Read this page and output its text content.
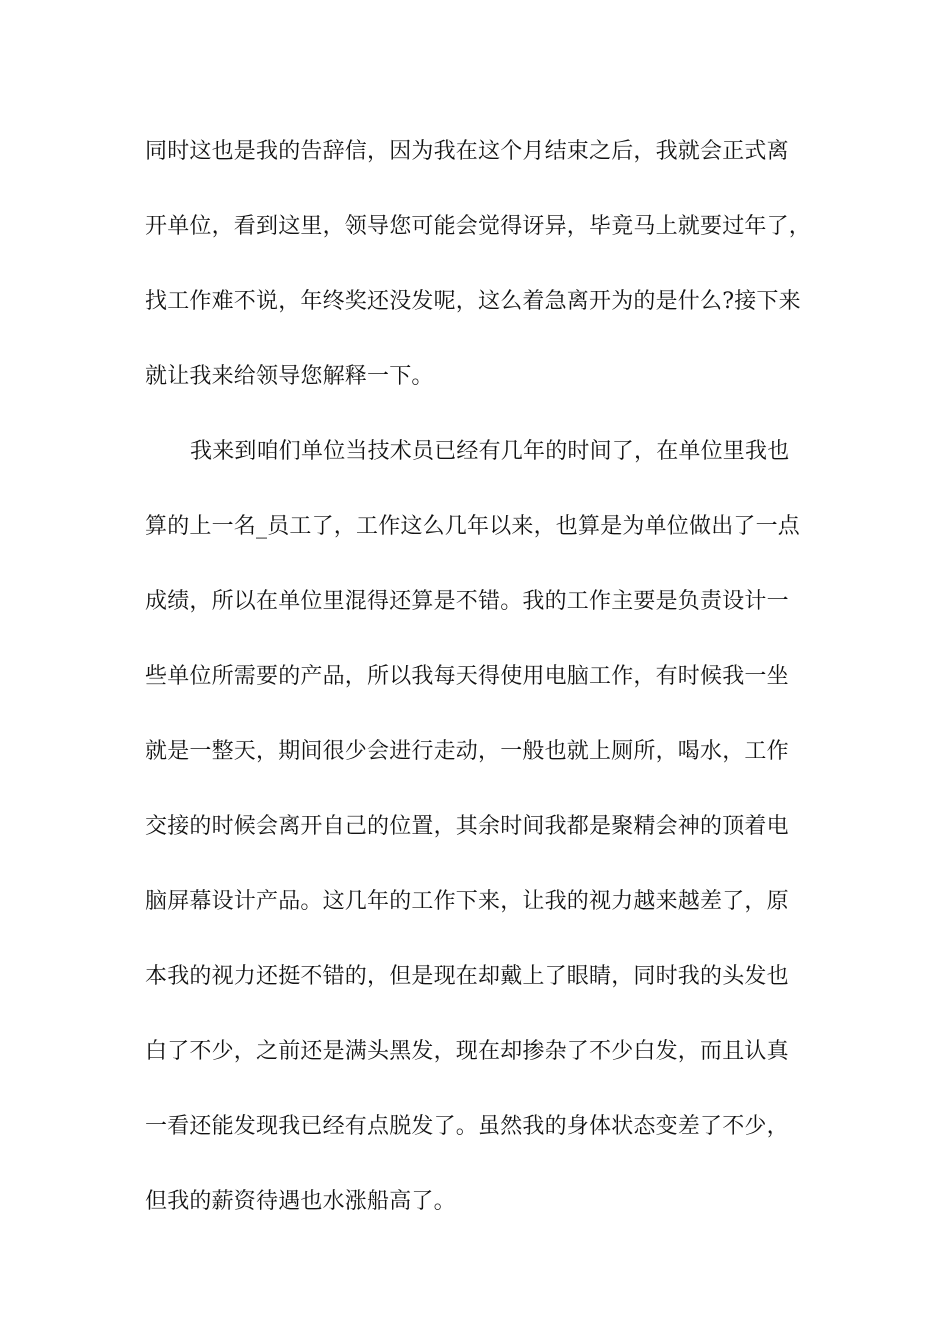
同时这也是我的告辞信，因为我在这个月结束之后，我就会正式离
开单位，看到这里，领导您可能会觉得讶异，毕竟马上就要过年了，
找工作难不说，年终奖还没发呢，这么着急离开为的是什么?接下来
就让我来给领导您解释一下。
我来到咱们单位当技术员已经有几年的时间了，在单位里我也
算的上一名_员工了，工作这么几年以来，也算是为单位做出了一点
成绩，所以在单位里混得还算是不错。我的工作主要是负责设计一
些单位所需要的产品，所以我每天得使用电脑工作，有时候我一坐
就是一整天，期间很少会进行走动，一般也就上厕所，喝水，工作
交接的时候会离开自己的位置，其余时间我都是聚精会神的顶着电
脑屏幕设计产品。这几年的工作下来，让我的视力越来越差了，原
本我的视力还挺不错的，但是现在却戴上了眼睛，同时我的头发也
白了不少，之前还是满头黑发，现在却掺杂了不少白发，而且认真
一看还能发现我已经有点脱发了。虽然我的身体状态变差了不少，
但我的薪资待遇也水涨船高了。
